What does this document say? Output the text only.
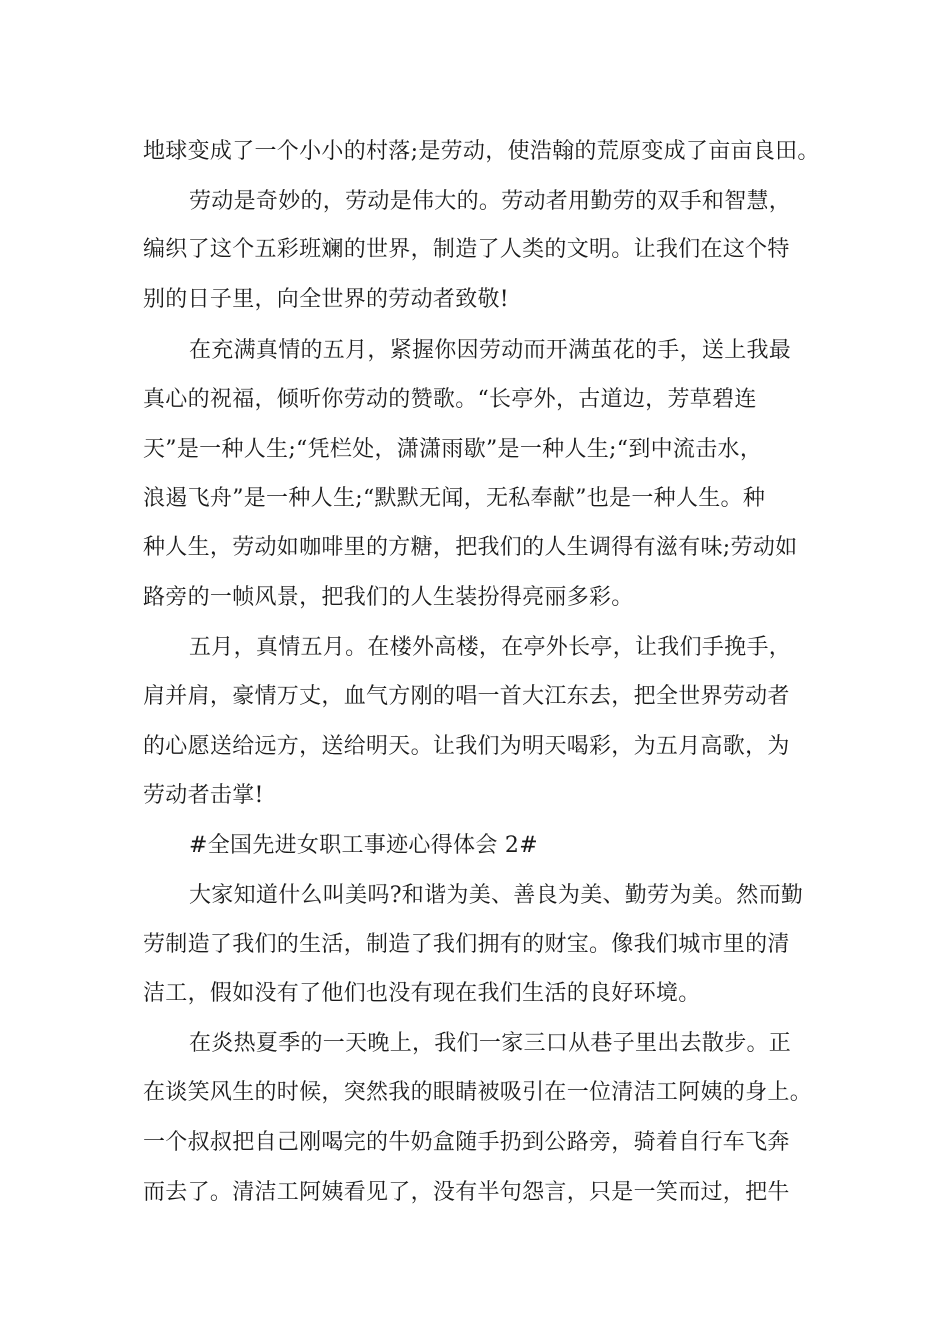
地球变成了一个小小的村落;是劳动，使浩翰的荒原变成了亩亩良田。
劳动是奇妙的，劳动是伟大的。劳动者用勤劳的双手和智慧，
编织了这个五彩班斓的世界，制造了人类的文明。让我们在这个特
别的日子里，向全世界的劳动者致敬!
在充满真情的五月，紧握你因劳动而开满茧花的手，送上我最
真心的祝福，倾听你劳动的赞歌。“长亭外，古道边，芳草碧连
天”是一种人生;“凭栏处，潇潇雨歇”是一种人生;“到中流击水，
浪遏飞舟”是一种人生;“默默无闻，无私奉献”也是一种人生。种
种人生，劳动如咖啡里的方糖，把我们的人生调得有滋有味;劳动如
路旁的一帧风景，把我们的人生装扮得亮丽多彩。
五月，真情五月。在楼外高楼，在亭外长亭，让我们手挽手，
肩并肩，豪情万丈，血气方刚的唱一首大江东去，把全世界劳动者
的心愿送给远方，送给明天。让我们为明天喝彩，为五月高歌，为
劳动者击掌!
#全国先进女职工事迹心得体会 2#
大家知道什么叫美吗?和谐为美、善良为美、勤劳为美。然而勤
劳制造了我们的生活，制造了我们拥有的财宝。像我们城市里的清
洁工，假如没有了他们也没有现在我们生活的良好环境。
在炎热夏季的一天晚上，我们一家三口从巷子里出去散步。正
在谈笑风生的时候，突然我的眼睛被吸引在一位清洁工阿姨的身上。
一个叔叔把自己刚喝完的牛奶盒随手扔到公路旁，骑着自行车飞奔
而去了。清洁工阿姨看见了，没有半句怨言，只是一笑而过，把牛
